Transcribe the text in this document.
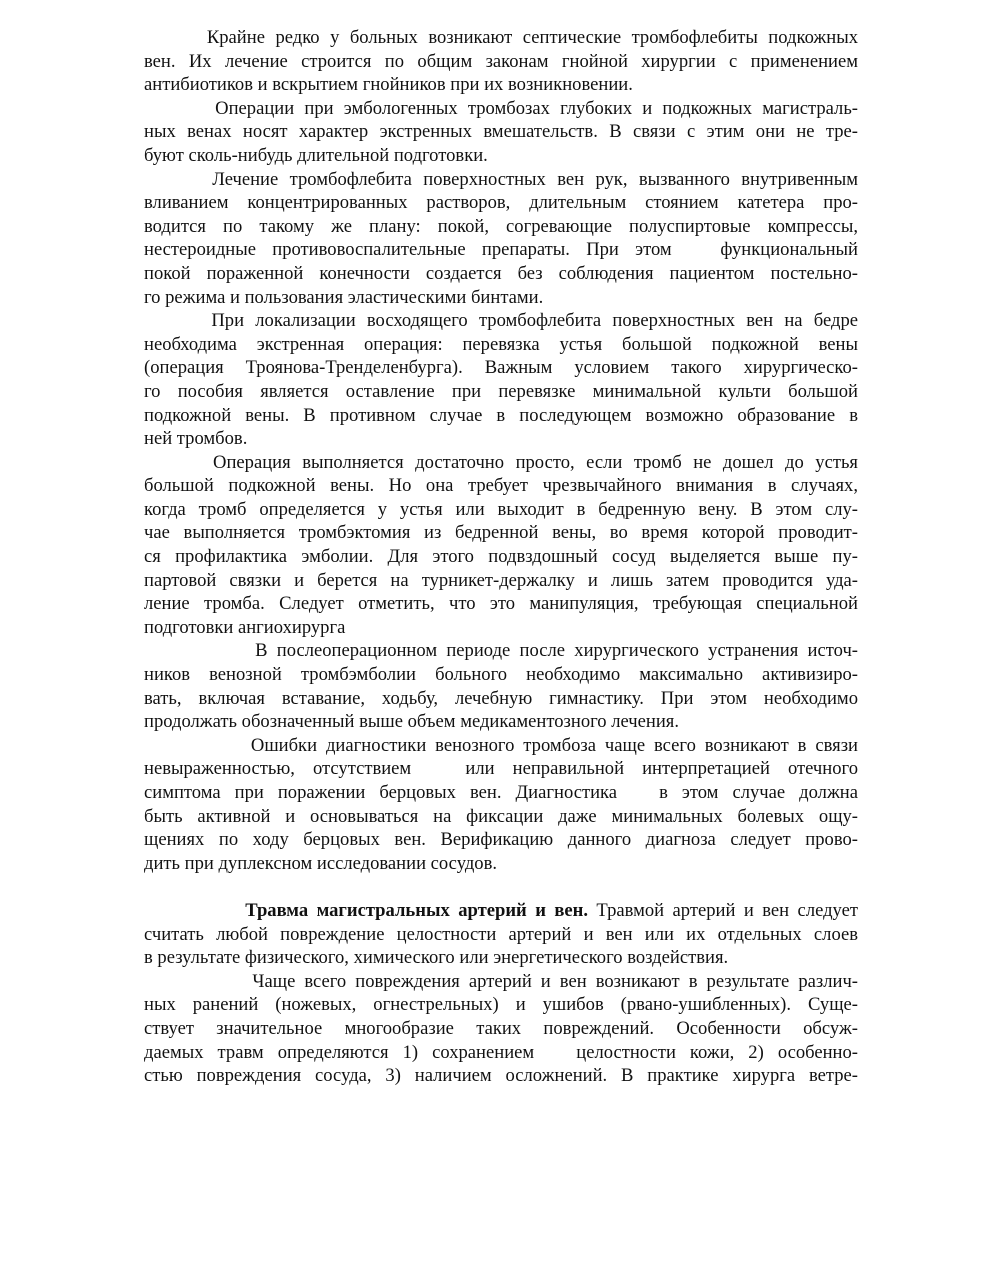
Крайне редко у больных возникают септические тромбофлебиты подкожных
вен. Их лечение строится по общим законам гнойной хирургии с применением
антибиотиков и вскрытием гнойников при их возникновении.
Операции при эмбологенных тромбозах глубоких и подкожных магистраль-
ных венах носят характер экстренных вмешательств. В связи с этим они не тре-
буют сколь-нибудь длительной подготовки.
Лечение тромбофлебита поверхностных вен рук, вызванного внутривенным
вливанием концентрированных растворов, длительным стоянием катетера про-
водится по такому же плану: покой, согревающие полуспиртовые компрессы,
нестероидные противовоспалительные препараты. При этом   функциональный
покой пораженной конечности создается без соблюдения пациентом постельно-
го режима и пользования эластическими бинтами.
При локализации восходящего тромбофлебита поверхностных вен на бедре
необходима экстренная операция: перевязка устья большой подкожной вены
(операция Троянова-Тренделенбурга). Важным условием такого хирургическо-
го пособия является оставление при перевязке минимальной культи большой
подкожной вены. В противном случае в последующем возможно образование в
ней тромбов.
Операция выполняется достаточно просто, если тромб не дошел до устья
большой подкожной вены. Но она требует чрезвычайного внимания в случаях,
когда тромб определяется у устья или выходит в бедренную вену. В этом слу-
чае выполняется тромбэктомия из бедренной вены, во время которой проводит-
ся профилактика эмболии. Для этого подвздошный сосуд выделяется выше пу-
партовой связки и берется на турникет-держалку и лишь затем проводится уда-
ление тромба. Следует отметить, что это манипуляция, требующая специальной
подготовки ангиохирурга
В послеоперационном периоде после хирургического устранения источ-
ников венозной тромбэмболии больного необходимо максимально активизиро-
вать, включая вставание, ходьбу, лечебную гимнастику. При этом необходимо
продолжать обозначенный выше объем медикаментозного лечения.
Ошибки диагностики венозного тромбоза чаще всего возникают в связи
невыраженностью, отсутствием   или неправильной интерпретацией отечного
симптома при поражении берцовых вен. Диагностика   в этом случае должна
быть активной и основываться на фиксации даже минимальных болевых ощу-
щениях по ходу берцовых вен. Верификацию данного диагноза следует прово-
дить при дуплексном исследовании сосудов.
Травма магистральных артерий и вен. Травмой артерий и вен следует
считать любой повреждение целостности артерий и вен или их отдельных слоев
в результате физического, химического или энергетического воздействия.
Чаще всего повреждения артерий и вен возникают в результате различ-
ных ранений (ножевых, огнестрельных) и ушибов (рвано-ушибленных). Суще-
ствует значительное многообразие таких повреждений. Особенности обсуж-
даемых травм определяются 1) сохранением   целостности кожи, 2) особенно-
стью повреждения сосуда, 3) наличием осложнений. В практике хирурга ветре-
